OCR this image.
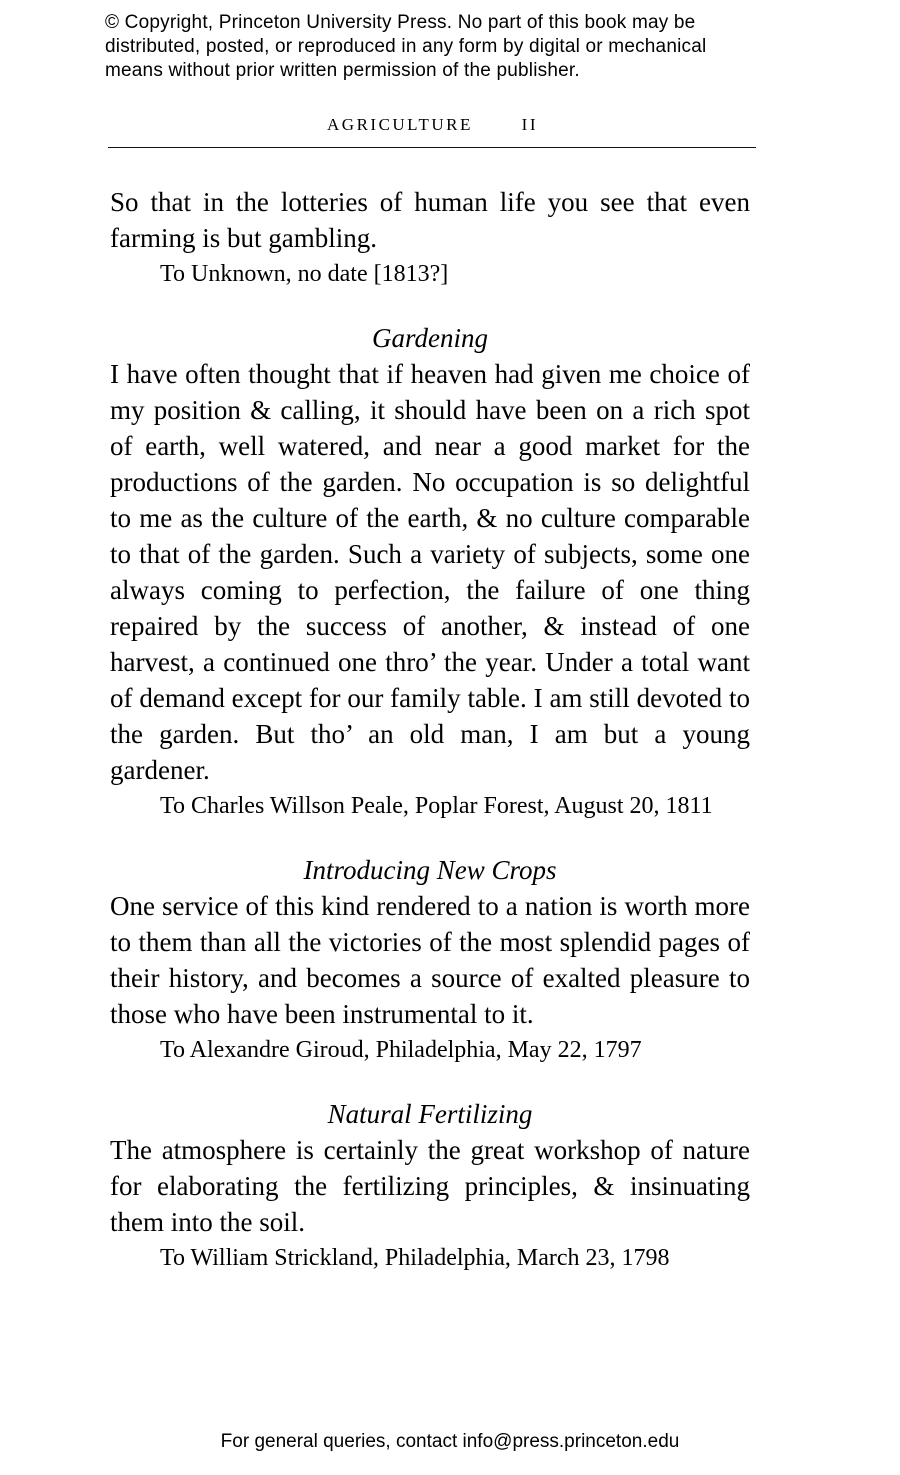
© Copyright, Princeton University Press. No part of this book may be
distributed, posted, or reproduced in any form by digital or mechanical
means without prior written permission of the publisher.
AGRICULTURE	II

So that in the lotteries of human life you see that even farming is but gambling.

To Unknown, no date [1813?]

Gardening

I have often thought that if heaven had given me choice of my position & calling, it should have been on a rich spot of earth, well watered, and near a good market for the productions of the garden. No occupation is so delightful to me as the culture of the earth, & no culture comparable to that of the garden. Such a variety of subjects, some one always coming to perfection, the failure of one thing repaired by the success of another, & instead of one harvest, a continued one thro’ the year. Under a total want of demand except for our family table. I am still devoted to the garden. But tho’ an old man, I am but a young gardener.

To Charles Willson Peale, Poplar Forest, August 20, 1811

Introducing New Crops

One service of this kind rendered to a nation is worth more to them than all the victories of the most splendid pages of their history, and becomes a source of exalted pleasure to those who have been instrumental to it.

To Alexandre Giroud, Philadelphia, May 22, 1797

Natural Fertilizing

The atmosphere is certainly the great workshop of nature for elaborating the fertilizing principles, & insinuating them into the soil.

To William Strickland, Philadelphia, March 23, 1798

For general queries, contact info@press.princeton.edu
